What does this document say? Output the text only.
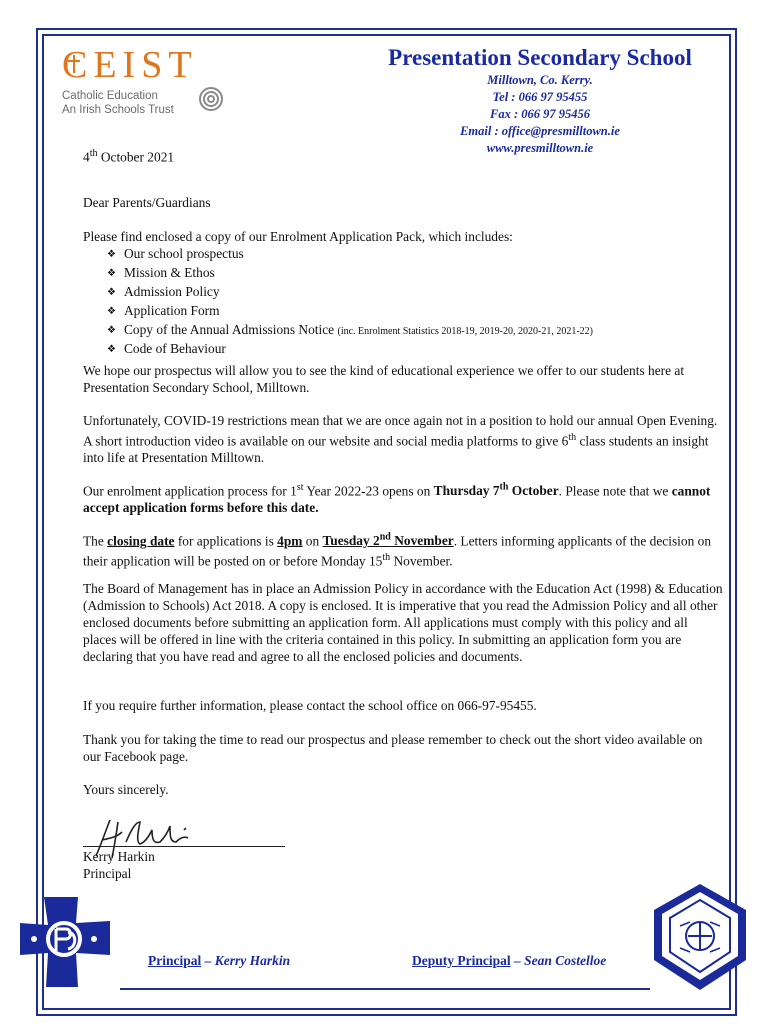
CEIST
Catholic Education
An Irish Schools Trust
Presentation Secondary School
Milltown, Co. Kerry.
Tel : 066 97 95455
Fax : 066 97 95456
Email : office@presmilltown.ie
www.presmilltown.ie
4th October 2021
Dear Parents/Guardians

Please find enclosed a copy of our Enrolment Application Pack, which includes:

❖ Our school prospectus
❖ Mission & Ethos
❖ Admission Policy
❖ Application Form
❖ Copy of the Annual Admissions Notice (inc. Enrolment Statistics 2018-19, 2019-20, 2020-21, 2021-22)
❖ Code of Behaviour
We hope our prospectus will allow you to see the kind of educational experience we offer to our students here at Presentation Secondary School, Milltown.
Unfortunately, COVID-19 restrictions mean that we are once again not in a position to hold our annual Open Evening. A short introduction video is available on our website and social media platforms to give 6th class students an insight into life at Presentation Milltown.
Our enrolment application process for 1st Year 2022-23 opens on Thursday 7th October. Please note that we cannot accept application forms before this date.
The closing date for applications is 4pm on Tuesday 2nd November. Letters informing applicants of the decision on their application will be posted on or before Monday 15th November.
The Board of Management has in place an Admission Policy in accordance with the Education Act (1998) & Education (Admission to Schools) Act 2018. A copy is enclosed. It is imperative that you read the Admission Policy and all other enclosed documents before submitting an application form. All applications must comply with this policy and all places will be offered in line with the criteria contained in this policy. In submitting an application form you are declaring that you have read and agree to all the enclosed policies and documents.
If you require further information, please contact the school office on 066-97-95455.
Thank you for taking the time to read our prospectus and please remember to check out the short video available on our Facebook page.
Yours sincerely.
Kerry Harkin
Principal
Principal – Kerry Harkin	Deputy Principal – Sean Costelloe
